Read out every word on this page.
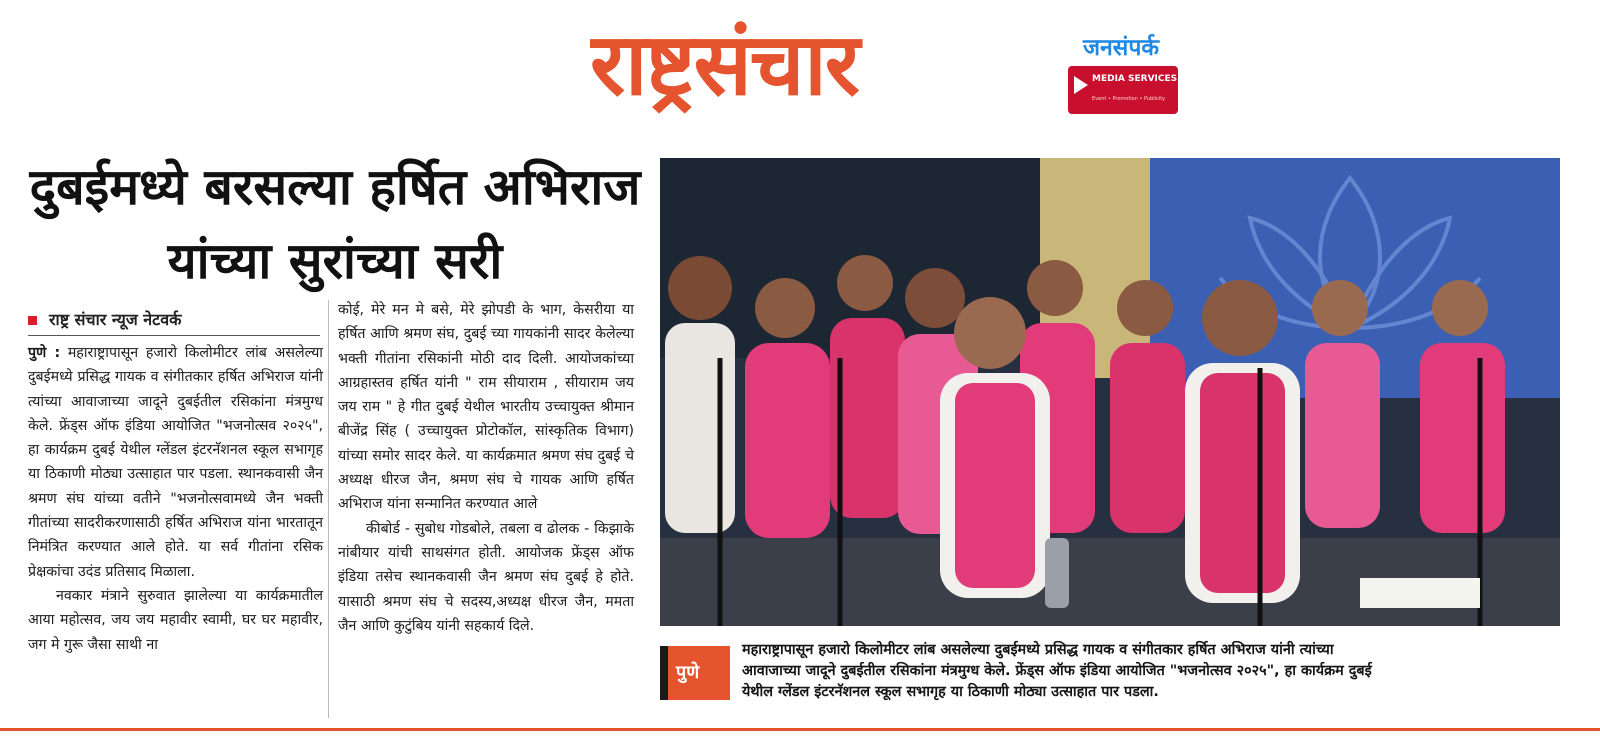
राष्ट्रसंचार	जनसंपर्क
MEDIA SERVICES
Event • Promotion • Publicity
दुबईमध्ये बरसल्या हर्षित अभिराज
यांच्या सुरांच्या सरी
राष्ट्र संचार न्यूज नेटवर्क

पुणे : महाराष्ट्रापासून हजारो किलोमीटर लांब असलेल्या दुबईमध्ये प्रसिद्ध गायक व संगीतकार हर्षित अभिराज यांनी त्यांच्या आवाजाच्या जादूने दुबईतील रसिकांना मंत्रमुग्ध केले. फ्रेंड्स ऑफ इंडिया आयोजित "भजनोत्सव २०२५", हा कार्यक्रम दुबई येथील ग्लेंडल इंटरनॅशनल स्कूल सभागृह या ठिकाणी मोठ्या उत्साहात पार पडला. स्थानकवासी जैन श्रमण संघ यांच्या वतीने "भजनोत्सवामध्ये जैन भक्ती गीतांच्या सादरीकरणासाठी हर्षित अभिराज यांना भारतातून निमंत्रित करण्यात आले होते. या सर्व गीतांना रसिक प्रेक्षकांचा उदंड प्रतिसाद मिळाला.

नवकार मंत्राने सुरुवात झालेल्या या कार्यक्रमातील आया महोत्सव, जय जय महावीर स्वामी, घर घर महावीर, जग मे गुरू जैसा साथी ना

कोई, मेरे मन मे बसे, मेरे झोपडी के भाग, केसरीया या हर्षित आणि श्रमण संघ, दुबई च्या गायकांनी सादर केलेल्या भक्ती गीतांना रसिकांनी मोठी दाद दिली. आयोजकांच्या आग्रहास्तव हर्षित यांनी " राम सीयाराम , सीयाराम जय जय राम " हे गीत दुबई येथील भारतीय उच्चायुक्त श्रीमान बीजेंद्र सिंह ( उच्चायुक्त प्रोटोकॉल, सांस्कृतिक विभाग) यांच्या समोर सादर केले. या कार्यक्रमात श्रमण संघ दुबई चे अध्यक्ष धीरज जैन, श्रमण संघ चे गायक आणि हर्षित अभिराज यांना सन्मानित करण्यात आले

कीबोर्ड - सुबोध गोडबोले, तबला व ढोलक - किझाके नांबीयार यांची साथसंगत होती. आयोजक फ्रेंड्स ऑफ इंडिया तसेच स्थानकवासी जैन श्रमण संघ दुबई हे होते. यासाठी श्रमण संघ चे सदस्य,अध्यक्ष धीरज जैन, ममता जैन आणि कुटुंबिय यांनी सहकार्य दिले.

पुणे
महाराष्ट्रापासून हजारो किलोमीटर लांब असलेल्या दुबईमध्ये प्रसिद्ध गायक व संगीतकार हर्षित अभिराज यांनी त्यांच्या
आवाजाच्या जादूने दुबईतील रसिकांना मंत्रमुग्ध केले. फ्रेंड्स ऑफ इंडिया आयोजित "भजनोत्सव २०२५", हा कार्यक्रम दुबई
येथील ग्लेंडल इंटरनॅशनल स्कूल सभागृह या ठिकाणी मोठ्या उत्साहात पार पडला.
